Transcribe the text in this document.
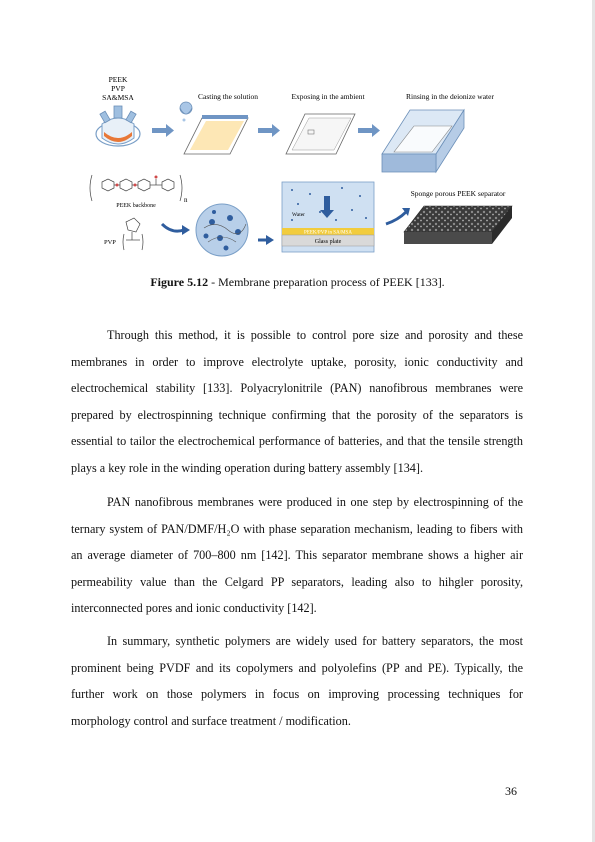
PEEK
PVP
SA&MSA	Casting the solution	Exposing in the ambient	Rinsing in the deionize water
n
PEEK backbone
PVP
Water
PEEK/PVP in SA/MSA
Glass plate
Sponge porous PEEK separator
Figure 5.12 - Membrane preparation process of PEEK [133].

Through this method, it is possible to control pore size and porosity and these membranes in order to improve electrolyte uptake, porosity, ionic conductivity and electrochemical stability [133]. Polyacrylonitrile (PAN) nanofibrous membranes were prepared by electrospinning technique confirming that the porosity of the separators is essential to tailor the electrochemical performance of batteries, and that the tensile strength plays a key role in the winding operation during battery assembly [134].

PAN nanofibrous membranes were produced in one step by electrospinning of the ternary system of PAN/DMF/H₂O with phase separation mechanism, leading to fibers with an average diameter of 700–800 nm [142]. This separator membrane shows a higher air permeability value than the Celgard PP separators, leading also to hihgler porosity, interconnected pores and ionic conductivity [142].

In summary, synthetic polymers are widely used for battery separators, the most prominent being PVDF and its copolymers and polyolefins (PP and PE). Typically, the further work on those polymers in focus on improving processing techniques for morphology control and surface treatment / modification.

36
